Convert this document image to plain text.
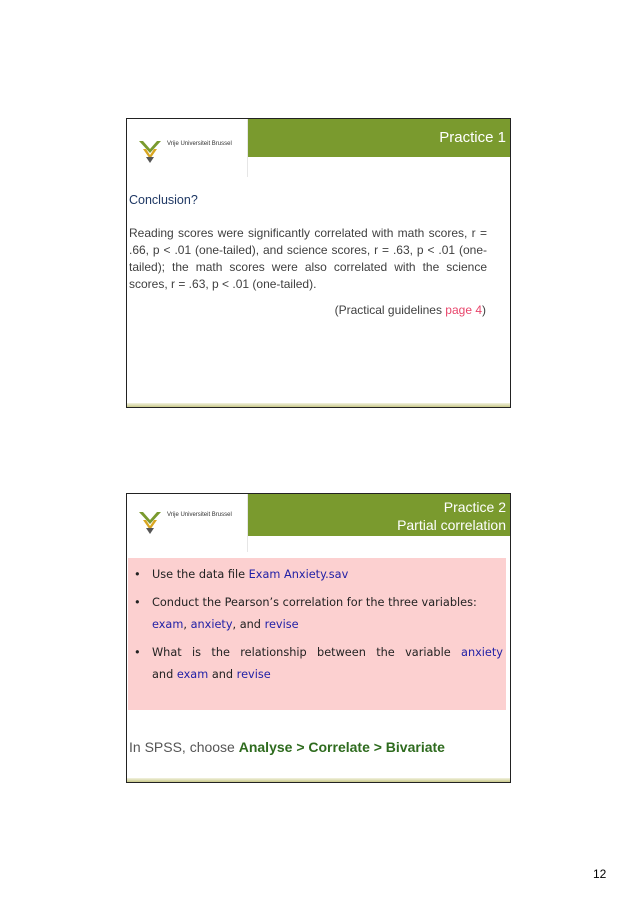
Practice 1
Vrije Universiteit Brussel
Conclusion?
Reading scores were significantly correlated with math scores, r = .66, p < .01 (one-tailed), and science scores, r = .63, p < .01 (one-tailed); the math scores were also correlated with the science scores, r = .63, p < .01 (one-tailed).
(Practical guidelines page 4)
Practice 2
Partial correlation
Vrije Universiteit Brussel
• Use the data file Exam Anxiety.sav
• Conduct the Pearson’s correlation for the three variables:
exam, anxiety, and revise
• What is the relationship between the variable anxiety
and exam and revise
In SPSS, choose Analyse > Correlate > Bivariate
12
